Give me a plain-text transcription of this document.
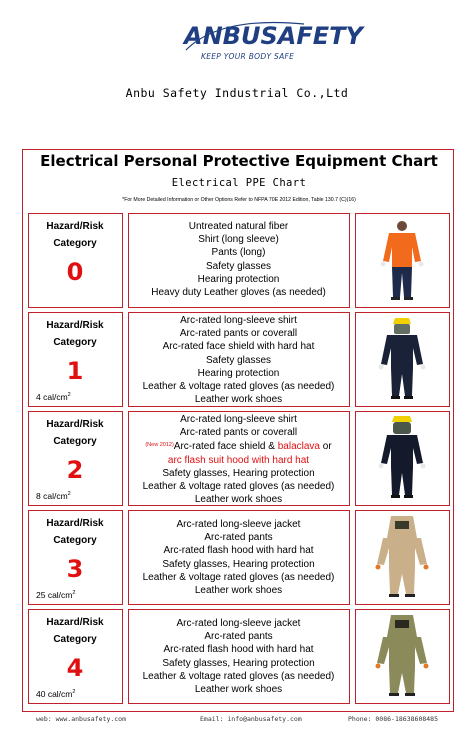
ANBUSAFETY
KEEP YOUR BODY SAFE
Anbu Safety Industrial Co.,Ltd
Electrical Personal Protective Equipment Chart
Electrical PPE Chart
*For More Detailed Information or Other Options Refer to NFPA 70E 2012 Edition, Table 130.7 (C)(16)
Hazard/Risk
Category
0
Untreated natural fiber
Shirt (long sleeve)
Pants (long)
Safety glasses
Hearing protection
Heavy duty Leather gloves (as needed)
Hazard/Risk
Category
1
4 cal/$cm^2$
Arc-rated long-sleeve shirt
Arc-rated pants or coverall
Arc-rated face shield with hard hat
Safety glasses
Hearing protection
Leather & voltage rated gloves (as needed)
Leather work shoes
Hazard/Risk
Category
2
8 cal/$cm^2$
Arc-rated long-sleeve shirt
Arc-rated pants or coverall
$^{(New 2012)}$Arc-rated face shield & balaclava or
arc flash suit hood with hard hat
Safety glasses, Hearing protection
Leather & voltage rated gloves (as needed)
Leather work shoes
Hazard/Risk
Category
3
25 cal/$cm^2$
Arc-rated long-sleeve jacket
Arc-rated pants
Arc-rated flash hood with hard hat
Safety glasses, Hearing protection
Leather & voltage rated gloves (as needed)
Leather work shoes
Hazard/Risk
Category
4
40 cal/$cm^2$
Arc-rated long-sleeve jacket
Arc-rated pants
Arc-rated flash hood with hard hat
Safety glasses, Hearing protection
Leather & voltage rated gloves (as needed)
Leather work shoes
web: www.anbusafety.com	Email: info@anbusafety.com	Phone: 0086-18638608485
